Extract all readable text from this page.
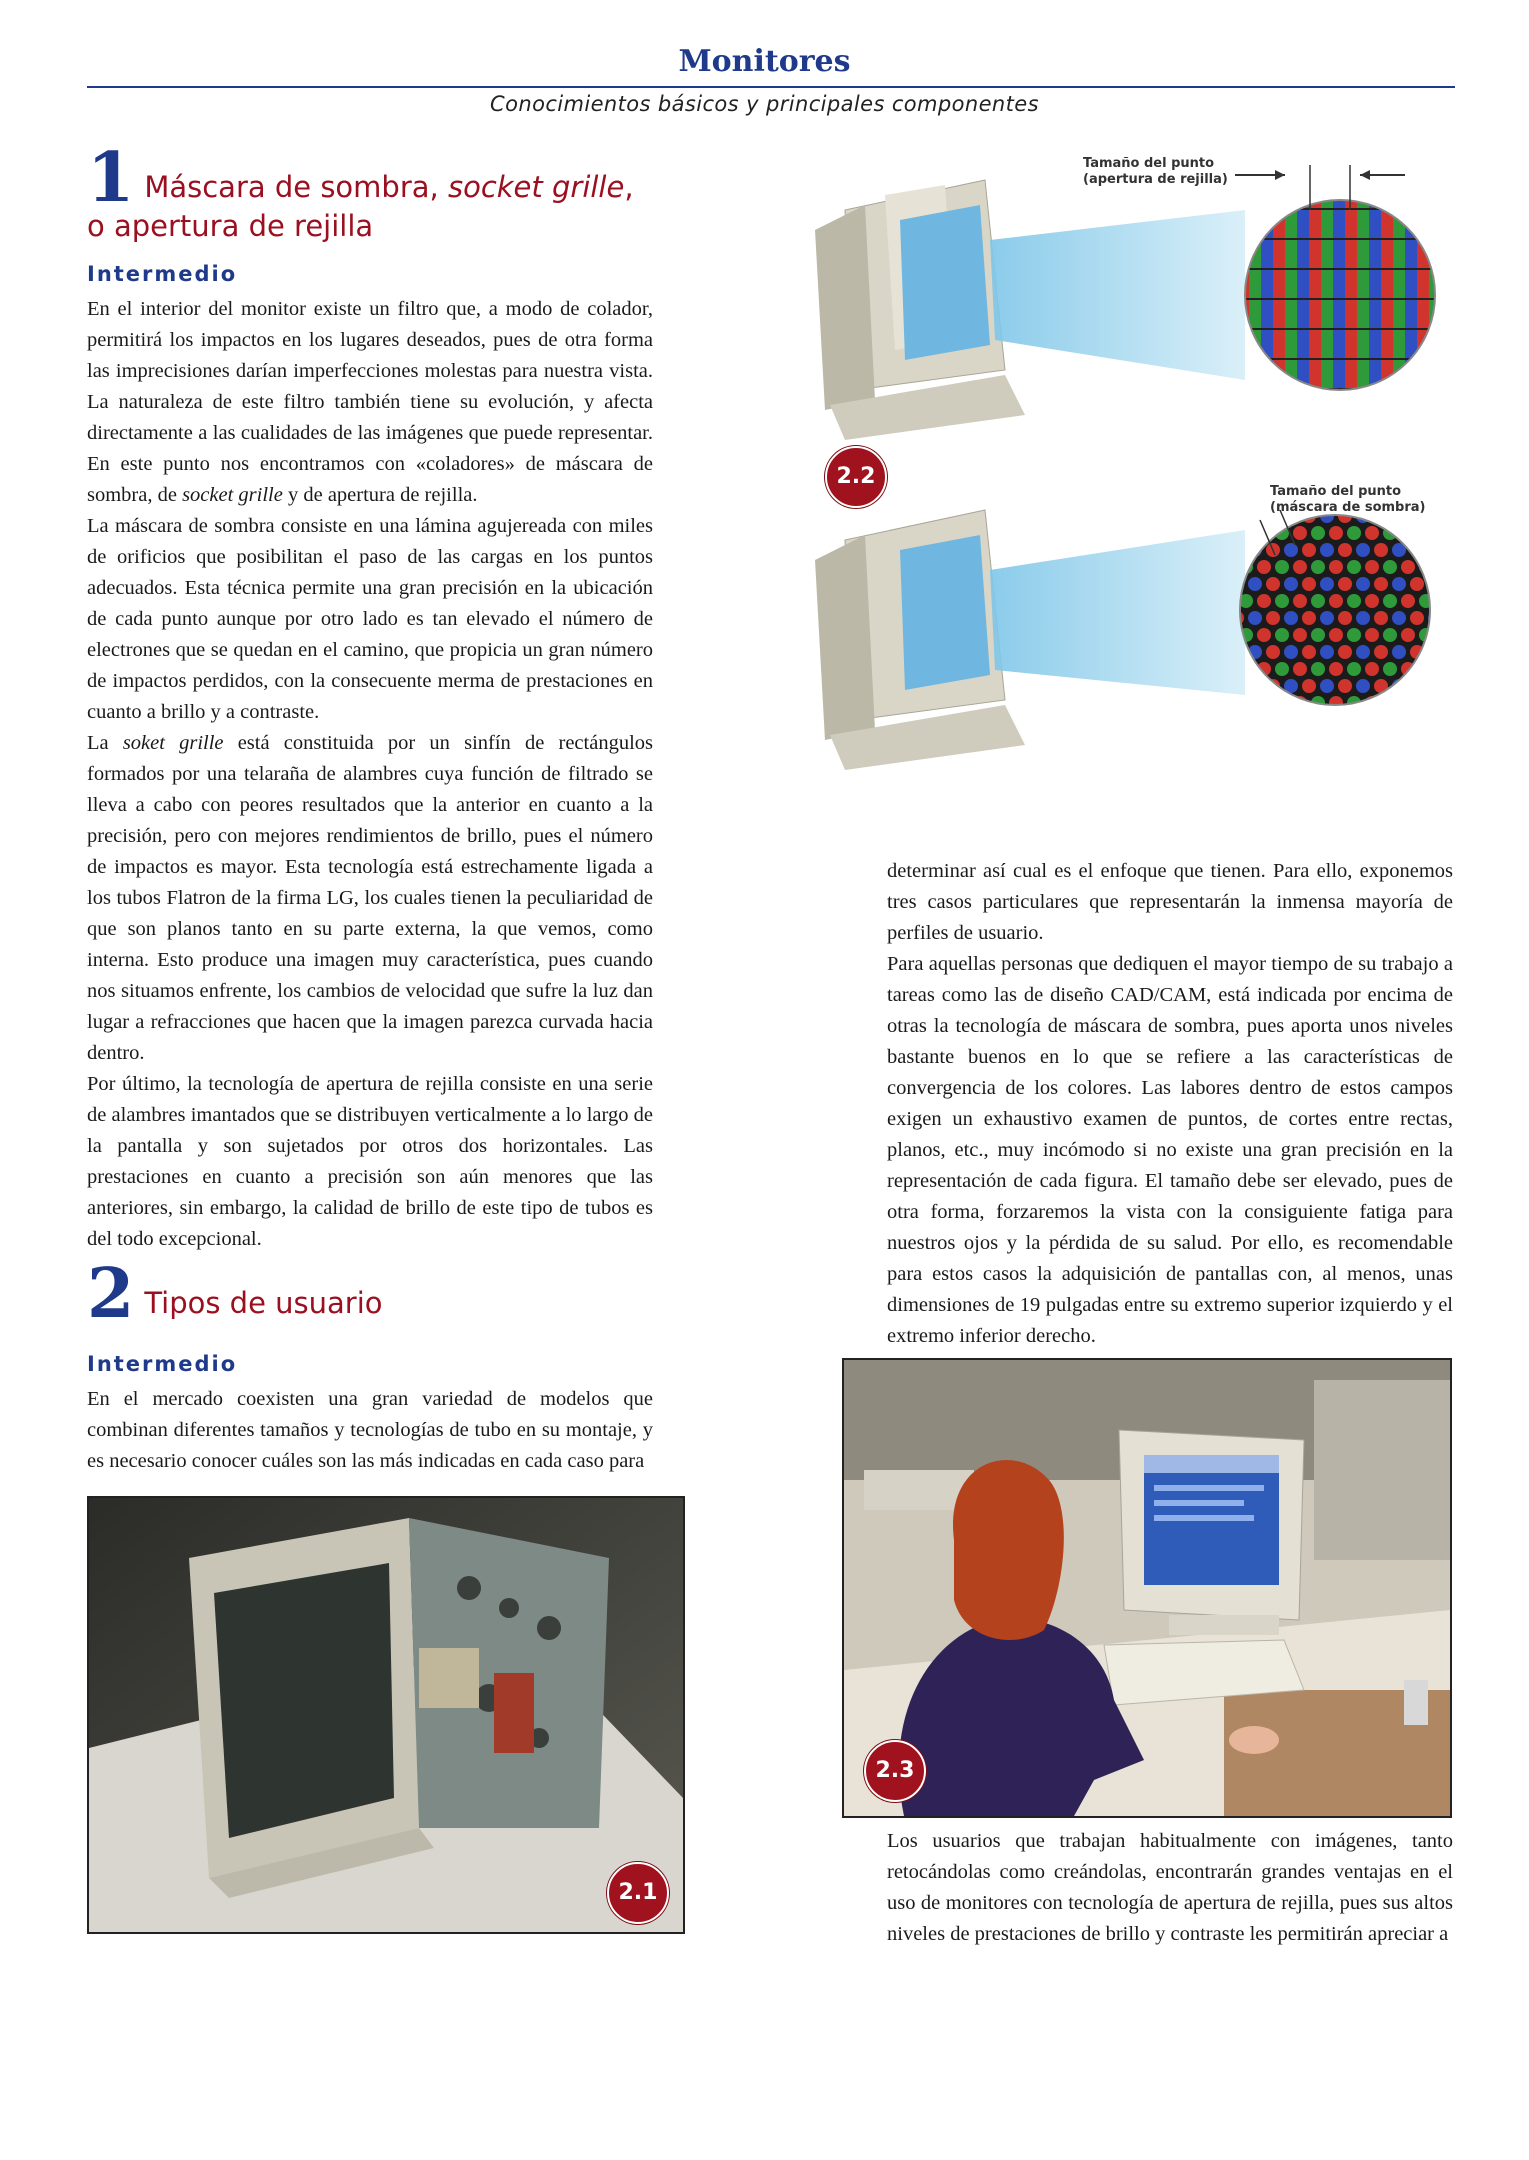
Monitores
Conocimientos básicos y principales componentes
1 Máscara de sombra, socket grille,
o apertura de rejilla
Intermedio

En el interior del monitor existe un filtro que, a modo de colador, permitirá los impactos en los lugares deseados, pues de otra forma las imprecisiones darían imperfecciones molestas para nuestra vista. La naturaleza de este filtro también tiene su evolución, y afecta directamente a las cualidades de las imágenes que puede representar. En este punto nos encontramos con «coladores» de máscara de sombra, de socket grille y de apertura de rejilla.

La máscara de sombra consiste en una lámina agujereada con miles de orificios que posibilitan el paso de las cargas en los puntos adecuados. Esta técnica permite una gran precisión en la ubicación de cada punto aunque por otro lado es tan elevado el número de electrones que se quedan en el camino, que propicia un gran número de impactos perdidos, con la consecuente merma de prestaciones en cuanto a brillo y a contraste.

La soket grille está constituida por un sinfín de rectángulos formados por una telaraña de alambres cuya función de filtrado se lleva a cabo con peores resultados que la anterior en cuanto a la precisión, pero con mejores rendimientos de brillo, pues el número de impactos es mayor. Esta tecnología está estrechamente ligada a los tubos Flatron de la firma LG, los cuales tienen la peculiaridad de que son planos tanto en su parte externa, la que vemos, como interna. Esto produce una imagen muy característica, pues cuando nos situamos enfrente, los cambios de velocidad que sufre la luz dan lugar a refracciones que hacen que la imagen parezca curvada hacia dentro.

Por último, la tecnología de apertura de rejilla consiste en una serie de alambres imantados que se distribuyen verticalmente a lo largo de la pantalla y son sujetados por otros dos horizontales. Las prestaciones en cuanto a precisión son aún menores que las anteriores, sin embargo, la calidad de brillo de este tipo de tubos es del todo excepcional.

2 Tipos de usuario
Intermedio

En el mercado coexisten una gran variedad de modelos que combinan diferentes tamaños y tecnologías de tubo en su montaje, y es necesario conocer cuáles son las más indicadas en cada caso para

2.1
Tamaño del punto
(apertura de rejilla)
Tamaño del punto
(máscara de sombra)
2.2

determinar así cual es el enfoque que tienen. Para ello, exponemos tres casos particulares que representarán la inmensa mayoría de perfiles de usuario.

Para aquellas personas que dediquen el mayor tiempo de su trabajo a tareas como las de diseño CAD/CAM, está indicada por encima de otras la tecnología de máscara de sombra, pues aporta unos niveles bastante buenos en lo que se refiere a las características de convergencia de los colores. Las labores dentro de estos campos exigen un exhaustivo examen de puntos, de cortes entre rectas, planos, etc., muy incómodo si no existe una gran precisión en la representación de cada figura. El tamaño debe ser elevado, pues de otra forma, forzaremos la vista con la consiguiente fatiga para nuestros ojos y la pérdida de su salud. Por ello, es recomendable para estos casos la adquisición de pantallas con, al menos, unas dimensiones de 19 pulgadas entre su extremo superior izquierdo y el extremo inferior derecho.

2.3

Los usuarios que trabajan habitualmente con imágenes, tanto retocándolas como creándolas, encontrarán grandes ventajas en el uso de monitores con tecnología de apertura de rejilla, pues sus altos niveles de prestaciones de brillo y contraste les permitirán apreciar a
